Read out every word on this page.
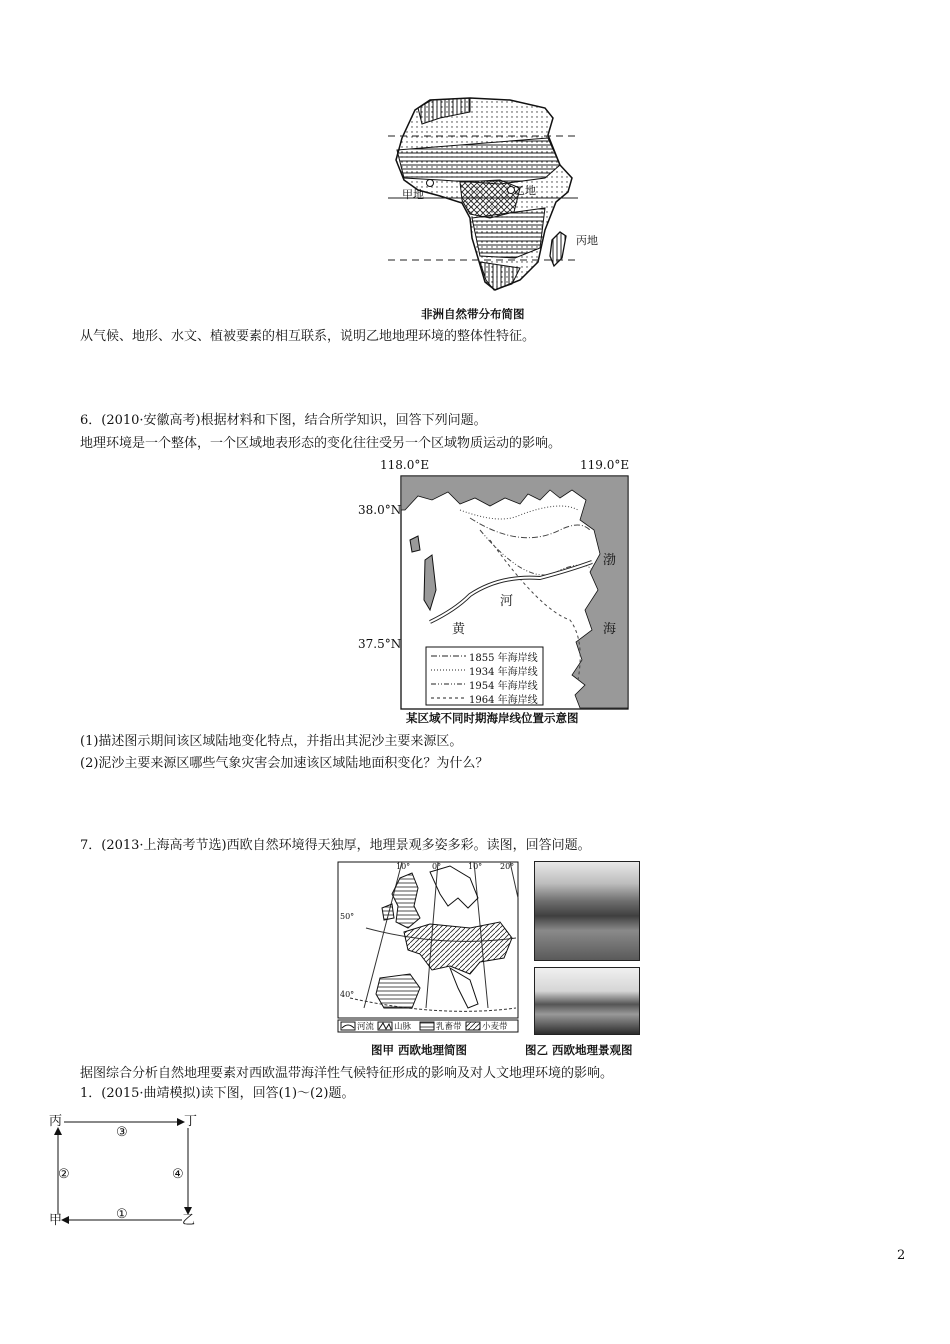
甲地	乙地
丙地
非洲自然带分布简图
从气候、地形、水文、植被要素的相互联系，说明乙地地理环境的整体性特征。
6．(2010·安徽高考)根据材料和下图，结合所学知识，回答下列问题。
地理环境是一个整体，一个区域地表形态的变化往往受另一个区域物质运动的影响。
118.0°E	119.0°E
38.0°N
37.5°N
渤
海
河
黄
1855 年海岸线
1934 年海岸线
1954 年海岸线
1964 年海岸线
某区域不同时期海岸线位置示意图
(1)描述图示期间该区域陆地变化特点，并指出其泥沙主要来源区。
(2)泥沙主要来源区哪些气象灾害会加速该区域陆地面积变化？为什么？
7．(2013·上海高考节选)西欧自然环境得天独厚，地理景观多姿多彩。读图，回答问题。
10°	0°	10° 20°
50°
40°
河流 山脉	乳畜带 小麦带
图甲 西欧地理简图	图乙 西欧地理景观图
据图综合分析自然地理要素对西欧温带海洋性气候特征形成的影响及对人文地理环境的影响。
1．(2015·曲靖模拟)读下图，回答(1)～(2)题。
丙	丁
甲	乙
③
②	④
①
2
